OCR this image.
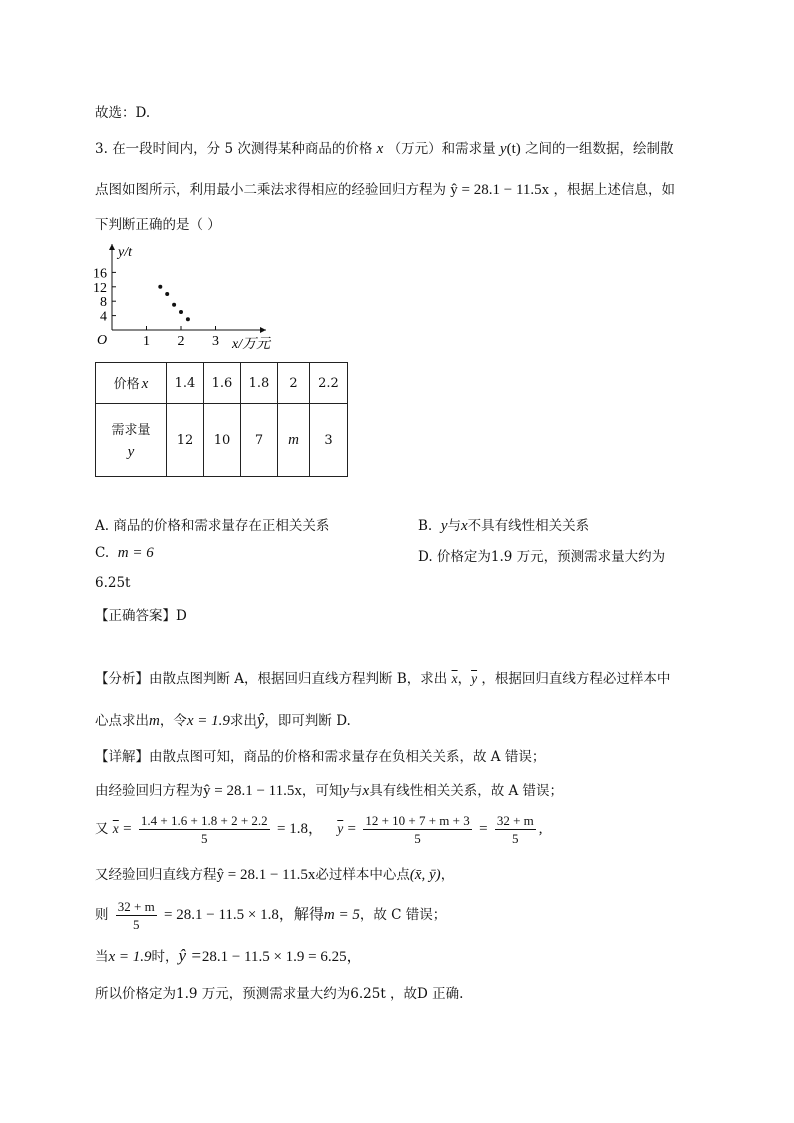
故选：D.
3. 在一段时间内，分 5 次测得某种商品的价格 x （万元）和需求量 y(t) 之间的一组数据，绘制散
点图如图所示，利用最小二乘法求得相应的经验回归方程为 ŷ = 28.1 − 11.5x ，根据上述信息，如
下判断正确的是（ ）
y/t
x/万元
O
4
8
12
16
1 2 3
价格 x	1.4	1.6	1.8	2	2.2

需求量
y	12	10	7	m	3
A. 商品的价格和需求量存在正相关关系	B. y与x不具有线性相关关系
C. m = 6	D. 价格定为1.9 万元，预测需求量大约为
6.25t
【正确答案】D
【分析】由散点图判断 A，根据回归直线方程判断 B，求出 $\overline{x}$，$\overline{y}$ ，根据回归直线方程必过样本中
心点求出m，令x = 1.9求出ŷ，即可判断 D.
【详解】由散点图可知，商品的价格和需求量存在负相关关系，故 A 错误；
由经验回归方程为ŷ = 28.1 − 11.5x，可知y与x具有线性相关关系，故 A 错误；
又 $\overline{x} = \frac{1.4 + 1.6 + 1.8 + 2 + 2.2}{5} = 1.8$， $\overline{y} = \frac{12 + 10 + 7 + m + 3}{5} = \frac{32 + m}{5}$ ,
又经验回归直线方程ŷ = 28.1 − 11.5x必过样本中心点(x̄, ȳ)，
则 $\frac{32 + m}{5} = 28.1 - 11.5 \times 1.8$，解得m = 5，故 C 错误；
当x = 1.9时，ŷ =28.1 − 11.5 × 1.9 = 6.25，
所以价格定为1.9 万元，预测需求量大约为6.25t ，故D 正确.
